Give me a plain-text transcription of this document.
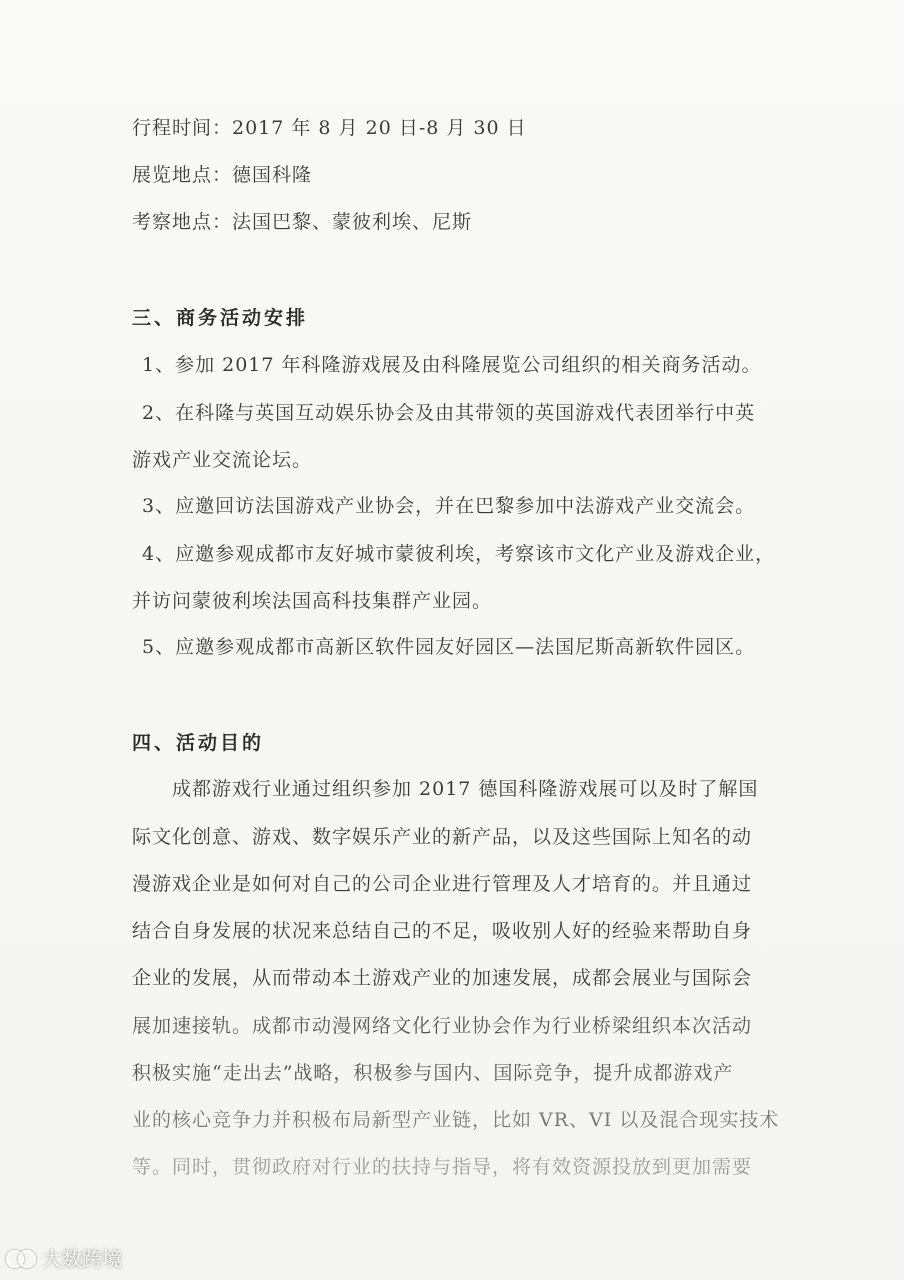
行程时间：2017 年 8 月 20 日-8 月 30 日
展览地点：德国科隆
考察地点：法国巴黎、蒙彼利埃、尼斯
三、商务活动安排
1、参加 2017 年科隆游戏展及由科隆展览公司组织的相关商务活动。
2、在科隆与英国互动娱乐协会及由其带领的英国游戏代表团举行中英
游戏产业交流论坛。
3、应邀回访法国游戏产业协会，并在巴黎参加中法游戏产业交流会。
4、应邀参观成都市友好城市蒙彼利埃，考察该市文化产业及游戏企业，
并访问蒙彼利埃法国高科技集群产业园。
5、应邀参观成都市高新区软件园友好园区—法国尼斯高新软件园区。
四、活动目的
成都游戏行业通过组织参加 2017 德国科隆游戏展可以及时了解国
际文化创意、游戏、数字娱乐产业的新产品，以及这些国际上知名的动
漫游戏企业是如何对自己的公司企业进行管理及人才培育的。并且通过
结合自身发展的状况来总结自己的不足，吸收别人好的经验来帮助自身
企业的发展，从而带动本土游戏产业的加速发展，成都会展业与国际会
展加速接轨。成都市动漫网络文化行业协会作为行业桥梁组织本次活动
积极实施“走出去”战略，积极参与国内、国际竞争，提升成都游戏产
业的核心竞争力并积极布局新型产业链，比如 VR、VI 以及混合现实技术
等。同时，贯彻政府对行业的扶持与指导，将有效资源投放到更加需要
大数跨境
